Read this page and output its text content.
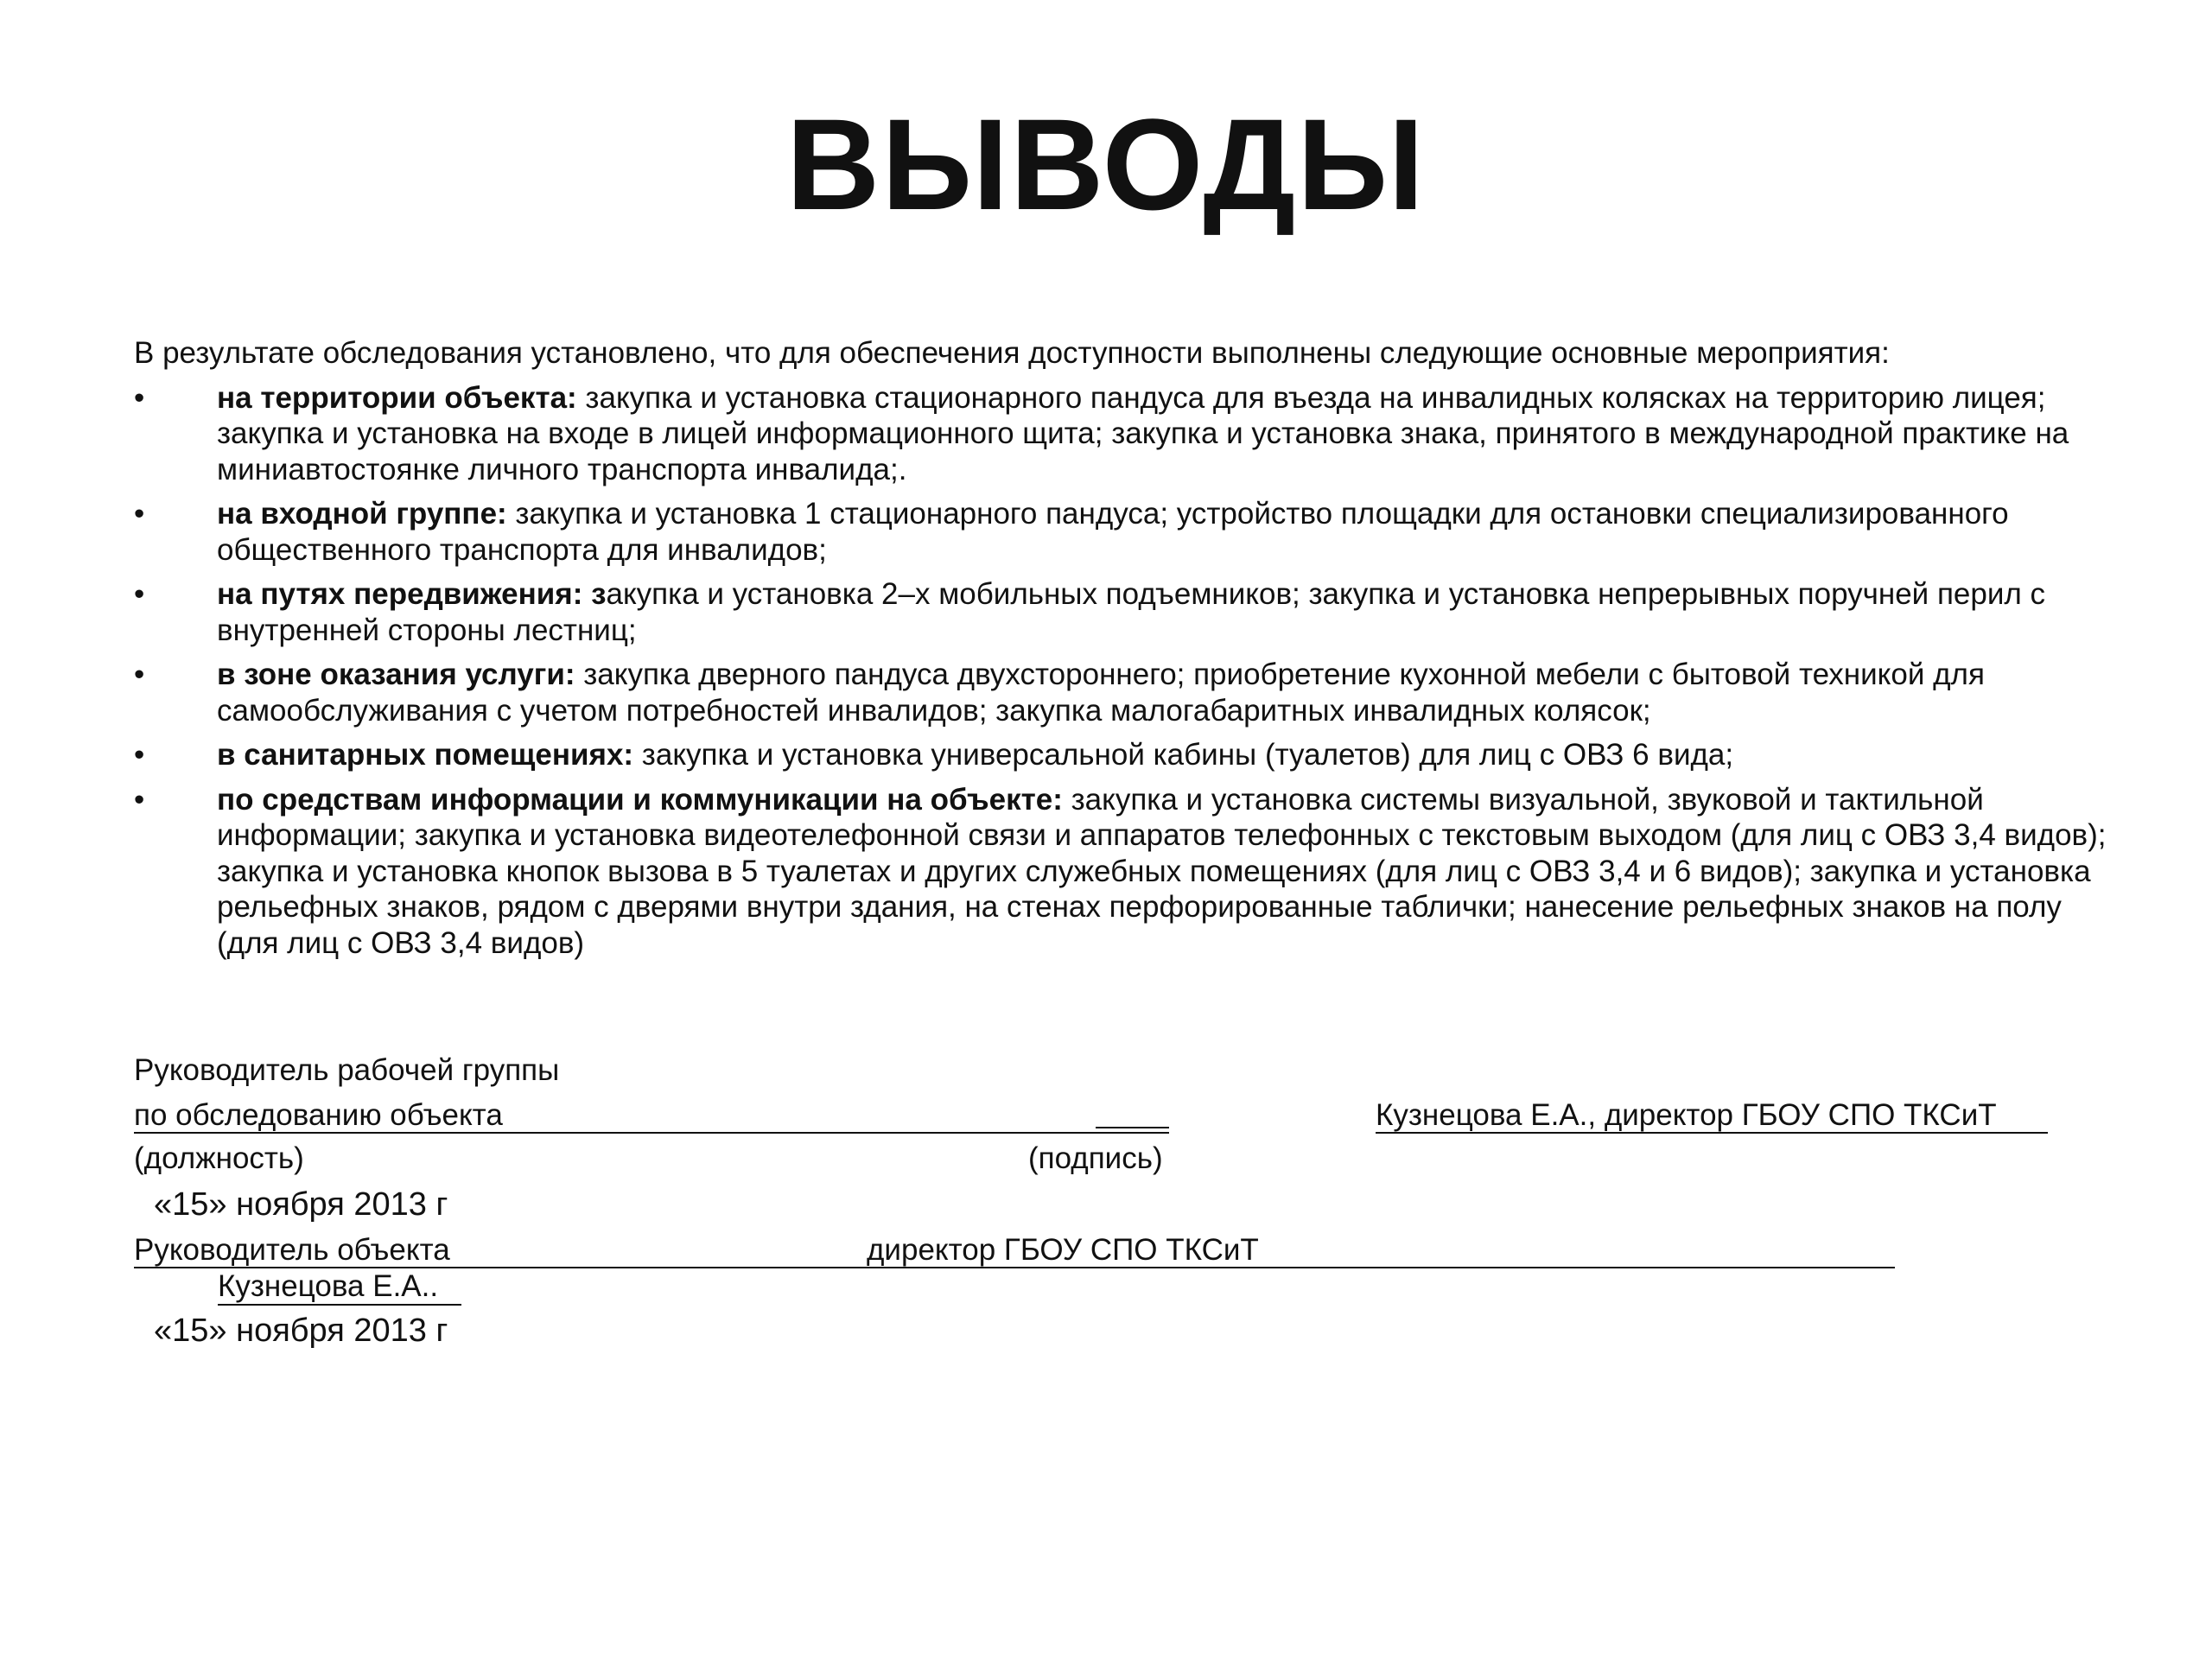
ВЫВОДЫ

В результате обследования установлено, что для обеспечения доступности выполнены следующие основные мероприятия:

•	на территории объекта: закупка и установка стационарного пандуса для въезда на инвалидных колясках на территорию лицея; закупка и установка на входе в лицей информационного щита; закупка и установка знака, принятого в международной практике на миниавтостоянке личного транспорта инвалида;.
•	на входной группе: закупка и установка 1 стационарного пандуса; устройство площадки для остановки специализированного общественного транспорта для инвалидов;
•	на путях передвижения: закупка и установка 2–х мобильных подъемников; закупка и установка непрерывных поручней перил с внутренней стороны лестниц;
•	в зоне оказания услуги: закупка дверного пандуса двухстороннего; приобретение кухонной мебели с бытовой техникой для самообслуживания с учетом потребностей инвалидов; закупка малогабаритных инвалидных колясок;
•	в санитарных помещениях: закупка и установка универсальной кабины (туалетов) для лиц с ОВЗ 6 вида;
•	по средствам информации и коммуникации на объекте: закупка и установка системы визуальной, звуковой и тактильной информации; закупка и установка видеотелефонной связи и аппаратов телефонных с текстовым выходом (для лиц с ОВЗ 3,4 видов); закупка и установка кнопок вызова в 5 туалетах и других служебных помещениях (для лиц с ОВЗ 3,4 и 6 видов); закупка и установка рельефных знаков, рядом с дверями внутри здания, на стенах перфорированные таблички; нанесение рельефных знаков на полу (для лиц с ОВЗ 3,4 видов)
Руководитель рабочей группы
по обследованию объекта	Кузнецова Е.А., директор ГБОУ СПО ТКСиТ
(должность)	(подпись)
«15» ноября 2013 г
Руководитель объекта	директор ГБОУ СПО ТКСиТ
Кузнецова Е.А..
«15» ноября 2013 г
